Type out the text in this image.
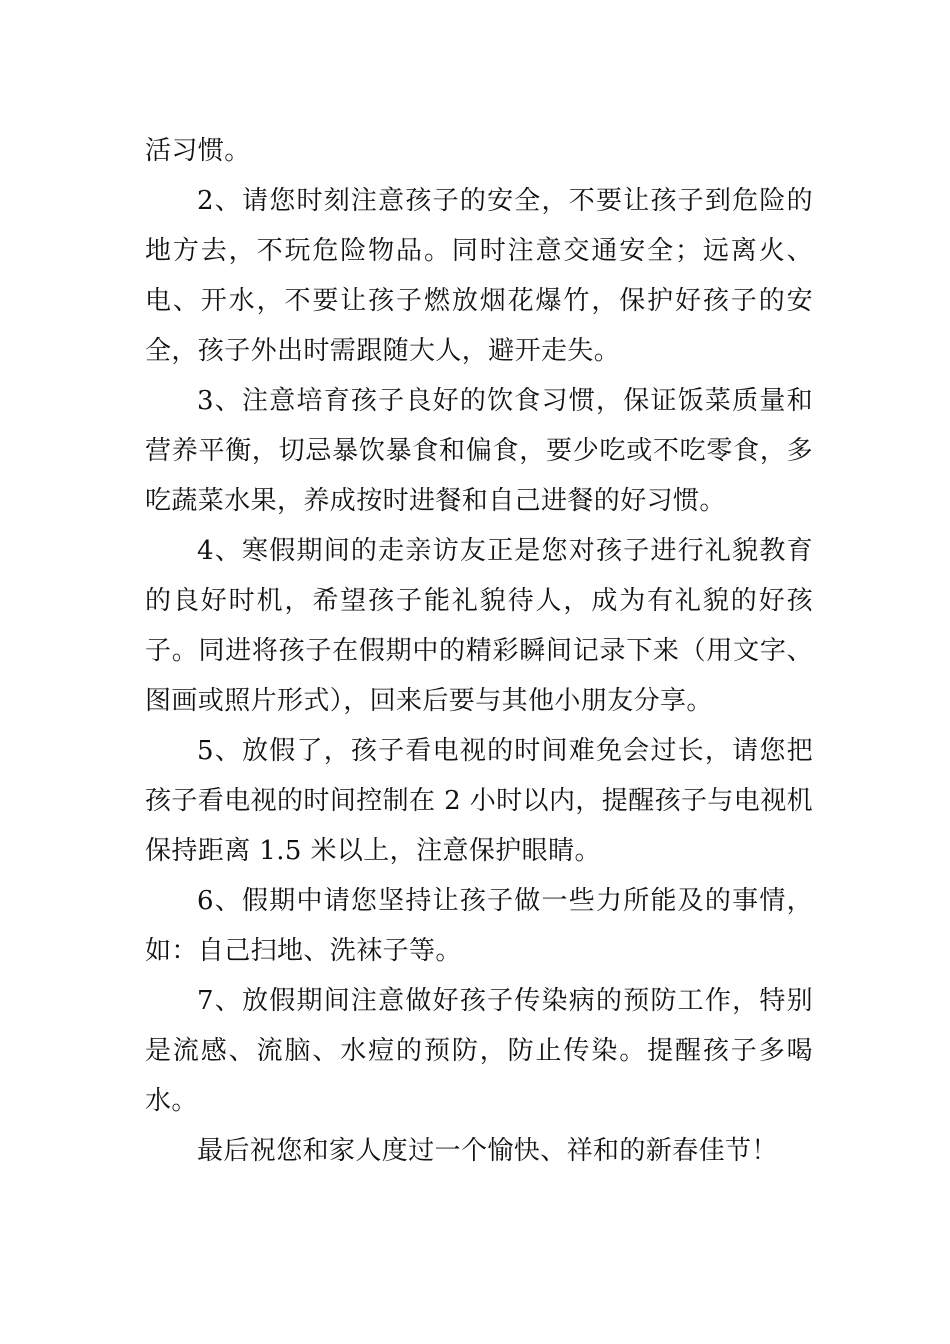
活习惯。

2、请您时刻注意孩子的安全，不要让孩子到危险的地方去，不玩危险物品。同时注意交通安全；远离火、电、开水，不要让孩子燃放烟花爆竹，保护好孩子的安全，孩子外出时需跟随大人，避开走失。

3、注意培育孩子良好的饮食习惯，保证饭菜质量和营养平衡，切忌暴饮暴食和偏食，要少吃或不吃零食，多吃蔬菜水果，养成按时进餐和自己进餐的好习惯。

4、寒假期间的走亲访友正是您对孩子进行礼貌教育的良好时机，希望孩子能礼貌待人，成为有礼貌的好孩子。同进将孩子在假期中的精彩瞬间记录下来（用文字、图画或照片形式），回来后要与其他小朋友分享。

5、放假了，孩子看电视的时间难免会过长，请您把孩子看电视的时间控制在 2 小时以内，提醒孩子与电视机保持距离 1.5 米以上，注意保护眼睛。

6、假期中请您坚持让孩子做一些力所能及的事情，如：自己扫地、洗袜子等。

7、放假期间注意做好孩子传染病的预防工作，特别是流感、流脑、水痘的预防，防止传染。提醒孩子多喝水。

最后祝您和家人度过一个愉快、祥和的新春佳节！
